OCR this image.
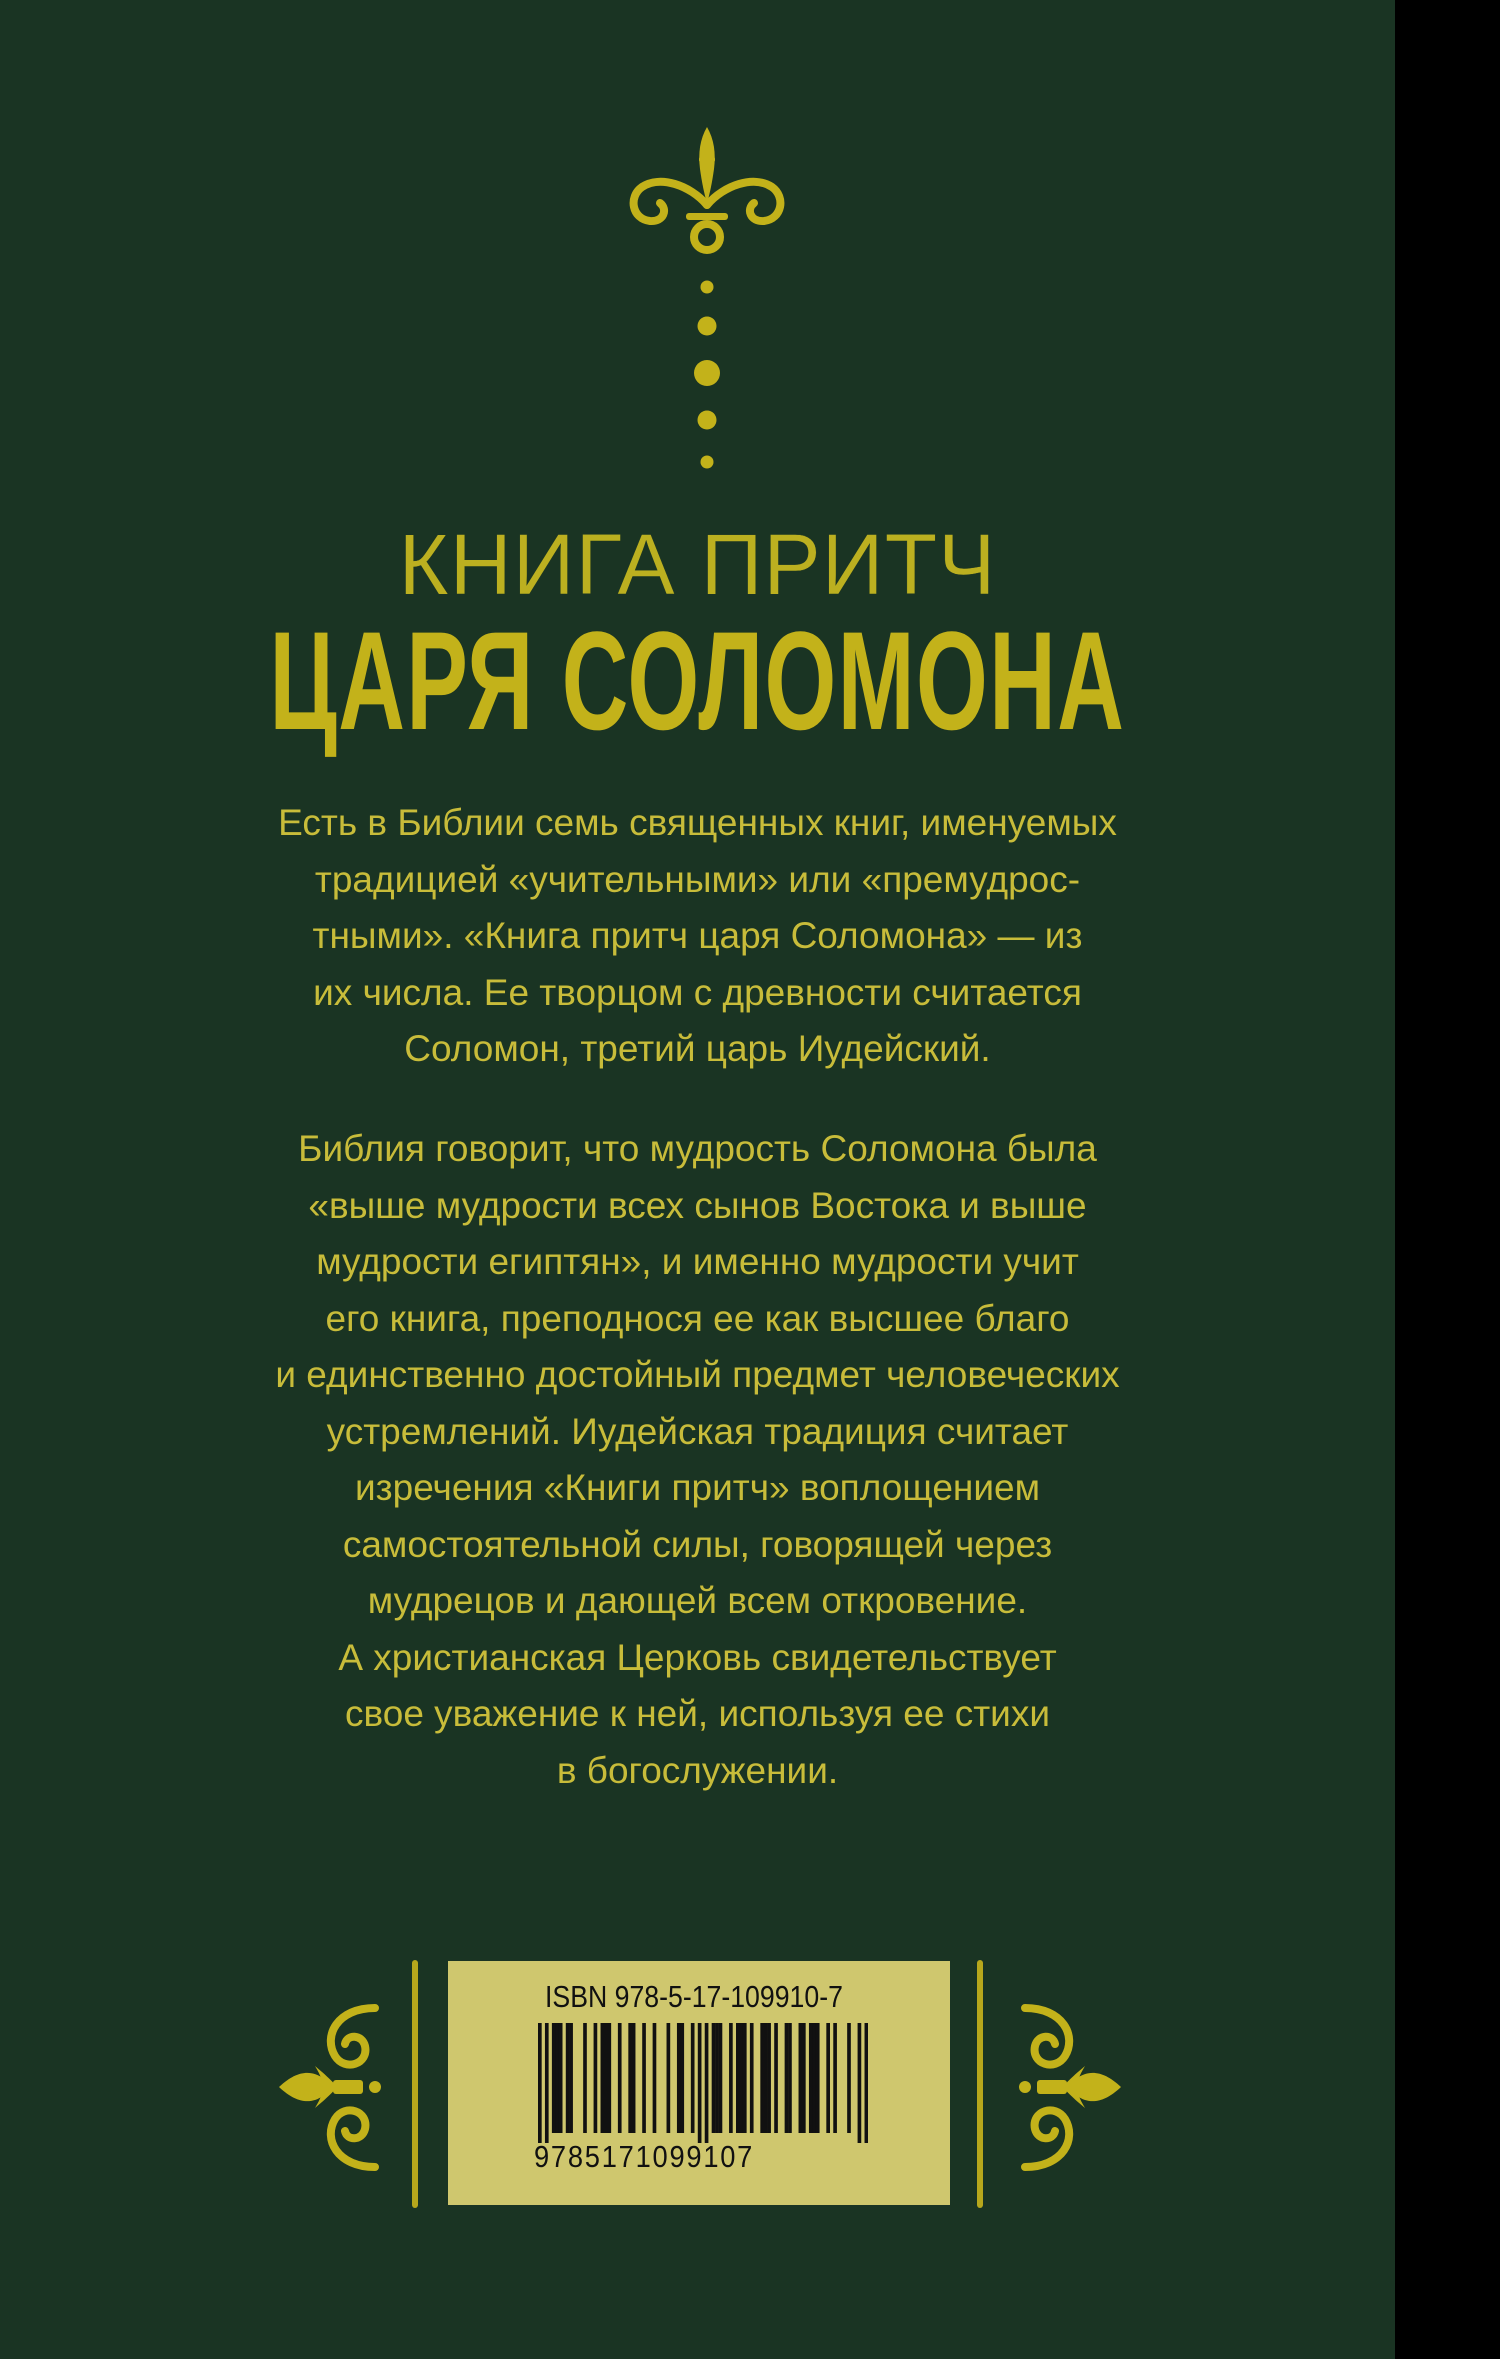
КНИГА ПРИТЧ
ЦАРЯ СОЛОМОНА
Есть в Библии семь священных книг, именуемых
традицией «учительными» или «премудрос-
тными». «Книга притч царя Соломона» — из
их числа. Ее творцом с древности считается
Соломон, третий царь Иудейский.
Библия говорит, что мудрость Соломона была
«выше мудрости всех сынов Востока и выше
мудрости египтян», и именно мудрости учит
его книга, преподнося ее как высшее благо
и единственно достойный предмет человеческих
устремлений. Иудейская традиция считает
изречения «Книги притч» воплощением
самостоятельной силы, говорящей через
мудрецов и дающей всем откровение.
А христианская Церковь свидетельствует
свое уважение к ней, используя ее стихи
в богослужении.
ISBN 978-5-17-109910-7
9785171099107
